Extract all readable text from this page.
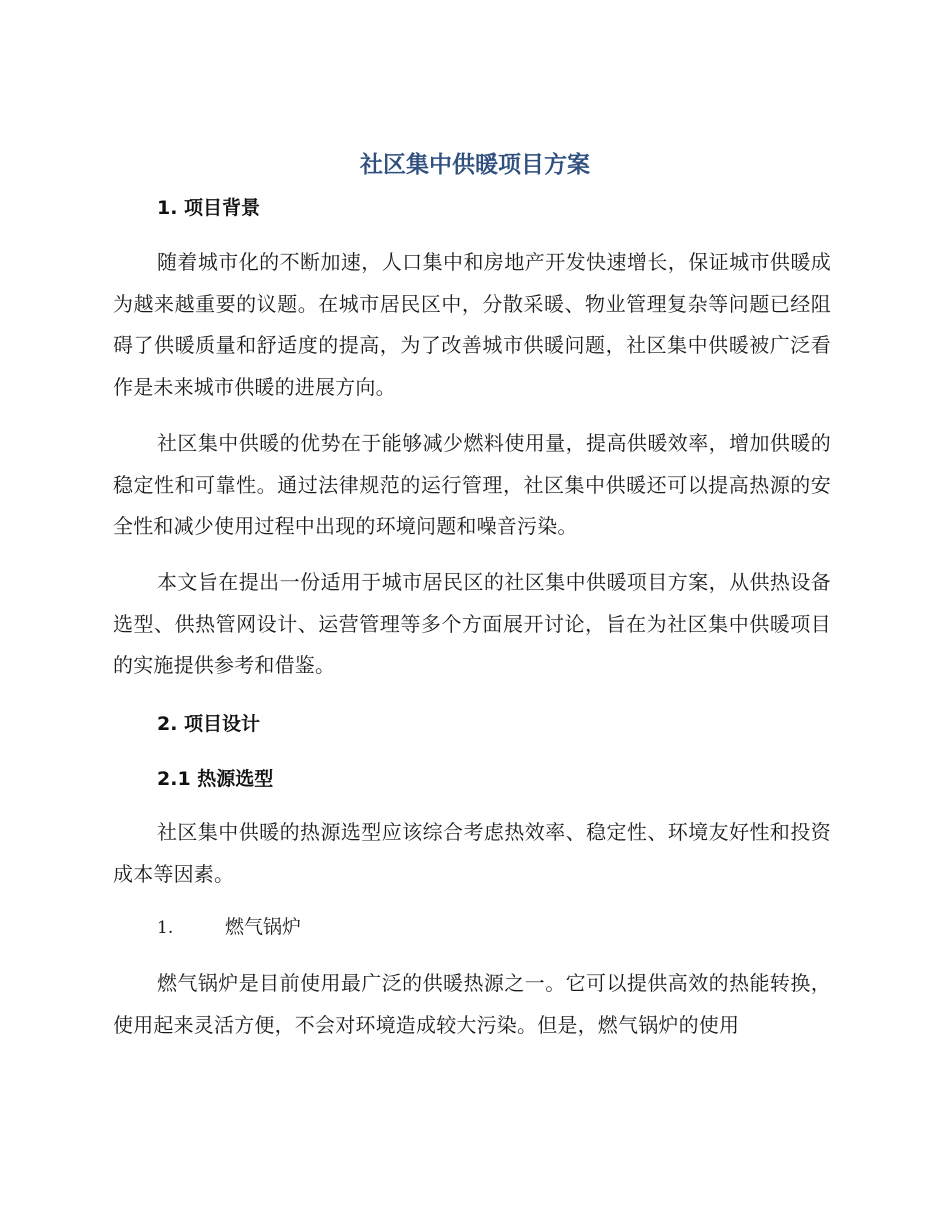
社区集中供暖项目方案
1. 项目背景

随着城市化的不断加速，人口集中和房地产开发快速增长，保证城市供暖成为越来越重要的议题。在城市居民区中，分散采暖、物业管理复杂等问题已经阻碍了供暖质量和舒适度的提高，为了改善城市供暖问题，社区集中供暖被广泛看作是未来城市供暖的进展方向。

社区集中供暖的优势在于能够减少燃料使用量，提高供暖效率，增加供暖的稳定性和可靠性。通过法律规范的运行管理，社区集中供暖还可以提高热源的安全性和减少使用过程中出现的环境问题和噪音污染。

本文旨在提出一份适用于城市居民区的社区集中供暖项目方案，从供热设备选型、供热管网设计、运营管理等多个方面展开讨论，旨在为社区集中供暖项目的实施提供参考和借鉴。

2. 项目设计
2.1 热源选型

社区集中供暖的热源选型应该综合考虑热效率、稳定性、环境友好性和投资成本等因素。

1.	燃气锅炉

燃气锅炉是目前使用最广泛的供暖热源之一。它可以提供高效的热能转换，使用起来灵活方便，不会对环境造成较大污染。但是，燃气锅炉的使用
